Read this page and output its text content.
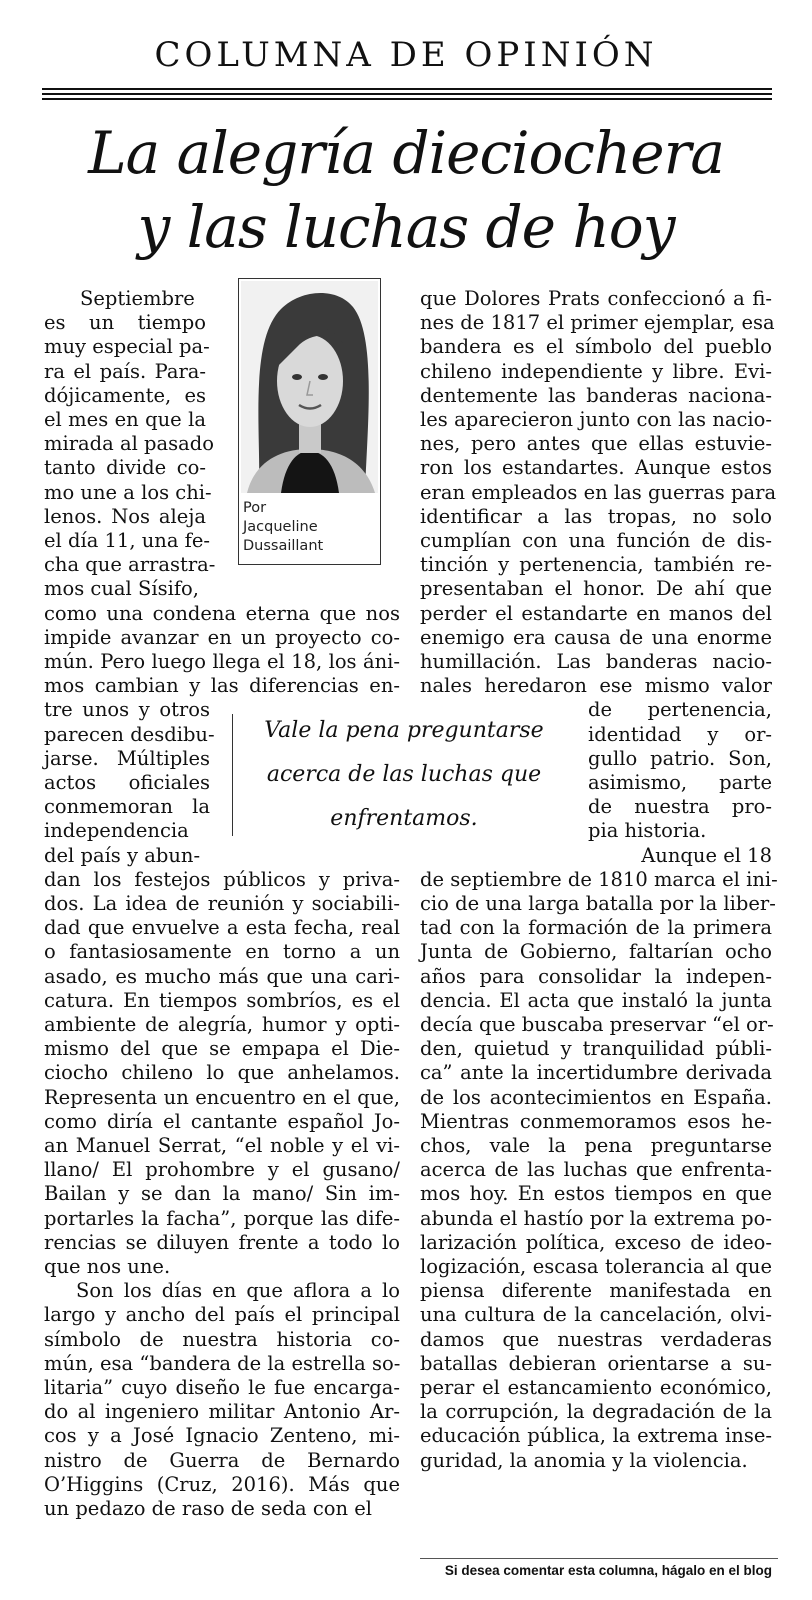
COLUMNA DE OPINIÓN
La alegría dieciochera
y las luchas de hoy
Por
Jacqueline
Dussaillant
Vale la pena preguntarse
acerca de las luchas que
enfrentamos.
Septiembre
es un tiempo
muy especial pa-
ra el país. Para-
dójicamente, es
el mes en que la
mirada al pasado
tanto divide co-
mo une a los chi-
lenos. Nos aleja
el día 11, una fe-
cha que arrastra-
mos cual Sísifo,
como una condena eterna que nos
impide avanzar en un proyecto co-
mún. Pero luego llega el 18, los áni-
mos cambian y las diferencias en-
tre unos y otros
parecen desdibu-
jarse. Múltiples
actos oficiales
conmemoran la
independencia
del país y abun-
dan los festejos públicos y priva-
dos. La idea de reunión y sociabili-
dad que envuelve a esta fecha, real
o fantasiosamente en torno a un
asado, es mucho más que una cari-
catura. En tiempos sombríos, es el
ambiente de alegría, humor y opti-
mismo del que se empapa el Die-
ciocho chileno lo que anhelamos.
Representa un encuentro en el que,
como diría el cantante español Jo-
an Manuel Serrat, “el noble y el vi-
llano/ El prohombre y el gusano/
Bailan y se dan la mano/ Sin im-
portarles la facha”, porque las dife-
rencias se diluyen frente a todo lo
que nos une.
Son los días en que aflora a lo
largo y ancho del país el principal
símbolo de nuestra historia co-
mún, esa “bandera de la estrella so-
litaria” cuyo diseño le fue encarga-
do al ingeniero militar Antonio Ar-
cos y a José Ignacio Zenteno, mi-
nistro de Guerra de Bernardo
O’Higgins (Cruz, 2016). Más que
un pedazo de raso de seda con el
que Dolores Prats confeccionó a fi-
nes de 1817 el primer ejemplar, esa
bandera es el símbolo del pueblo
chileno independiente y libre. Evi-
dentemente las banderas naciona-
les aparecieron junto con las nacio-
nes, pero antes que ellas estuvie-
ron los estandartes. Aunque estos
eran empleados en las guerras para
identificar a las tropas, no solo
cumplían con una función de dis-
tinción y pertenencia, también re-
presentaban el honor. De ahí que
perder el estandarte en manos del
enemigo era causa de una enorme
humillación. Las banderas nacio-
nales heredaron ese mismo valor
de pertenencia,
identidad y or-
gullo patrio. Son,
asimismo, parte
de nuestra pro-
pia historia.
Aunque el 18
de septiembre de 1810 marca el ini-
cio de una larga batalla por la liber-
tad con la formación de la primera
Junta de Gobierno, faltarían ocho
años para consolidar la indepen-
dencia. El acta que instaló la junta
decía que buscaba preservar “el or-
den, quietud y tranquilidad públi-
ca” ante la incertidumbre derivada
de los acontecimientos en España.
Mientras conmemoramos esos he-
chos, vale la pena preguntarse
acerca de las luchas que enfrenta-
mos hoy. En estos tiempos en que
abunda el hastío por la extrema po-
larización política, exceso de ideo-
logización, escasa tolerancia al que
piensa diferente manifestada en
una cultura de la cancelación, olvi-
damos que nuestras verdaderas
batallas debieran orientarse a su-
perar el estancamiento económico,
la corrupción, la degradación de la
educación pública, la extrema inse-
guridad, la anomia y la violencia.
Si desea comentar esta columna, hágalo en el blog
